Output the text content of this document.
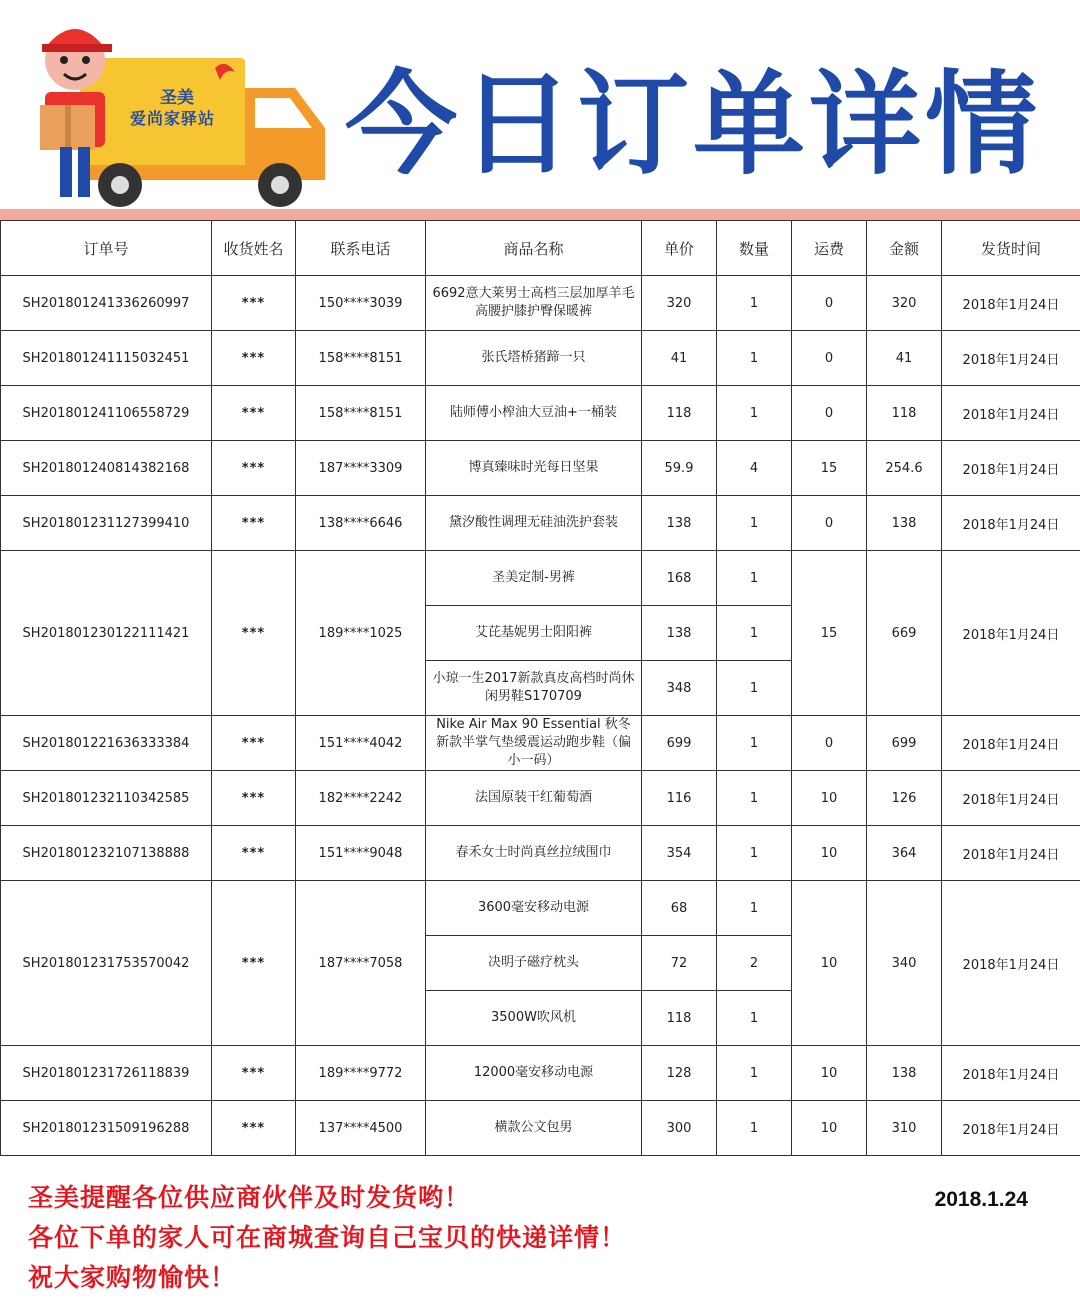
圣美
爱尚家驿站 今日订单详情
订单号	收货姓名	联系电话	商品名称	单价	数量	运费	金额	发货时间
SH201801241336260997	***	150****3039	6692意大莱男士高档三层加厚羊毛高腰护膝护臀保暖裤	320	1	0	320	2018年1月24日
SH201801241115032451	***	158****8151	张氏塔桥猪蹄一只	41	1	0	41	2018年1月24日
SH201801241106558729	***	158****8151	陆师傅小榨油大豆油+一桶装	118	1	0	118	2018年1月24日
SH201801240814382168	***	187****3309	博真臻味时光每日坚果	59.9	4	15	254.6	2018年1月24日
SH201801231127399410	***	138****6646	黛汐酸性调理无硅油洗护套装	138	1	0	138	2018年1月24日
SH201801230122111421	***	189****1025	圣美定制-男裤	168	1	15	669	2018年1月24日
			艾芘基妮男士阳阳裤	138	1			
			小琼一生2017新款真皮高档时尚休闲男鞋S170709	348	1			
SH201801221636333384	***	151****4042	Nike Air Max 90 Essential 秋冬新款半掌气垫缓震运动跑步鞋（偏小一码）	699	1	0	699	2018年1月24日
SH201801232110342585	***	182****2242	法国原装干红葡萄酒	116	1	10	126	2018年1月24日
SH201801232107138888	***	151****9048	春禾女士时尚真丝拉绒围巾	354	1	10	364	2018年1月24日
SH201801231753570042	***	187****7058	3600毫安移动电源	68	1	10	340	2018年1月24日
			决明子磁疗枕头	72	2			
			3500W吹风机	118	1			
SH201801231726118839	***	189****9772	12000毫安移动电源	128	1	10	138	2018年1月24日
SH201801231509196288	***	137****4500	横款公文包男	300	1	10	310	2018年1月24日
圣美提醒各位供应商伙伴及时发货哟！
各位下单的家人可在商城查询自己宝贝的快递详情！
祝大家购物愉快！
2018.1.24
